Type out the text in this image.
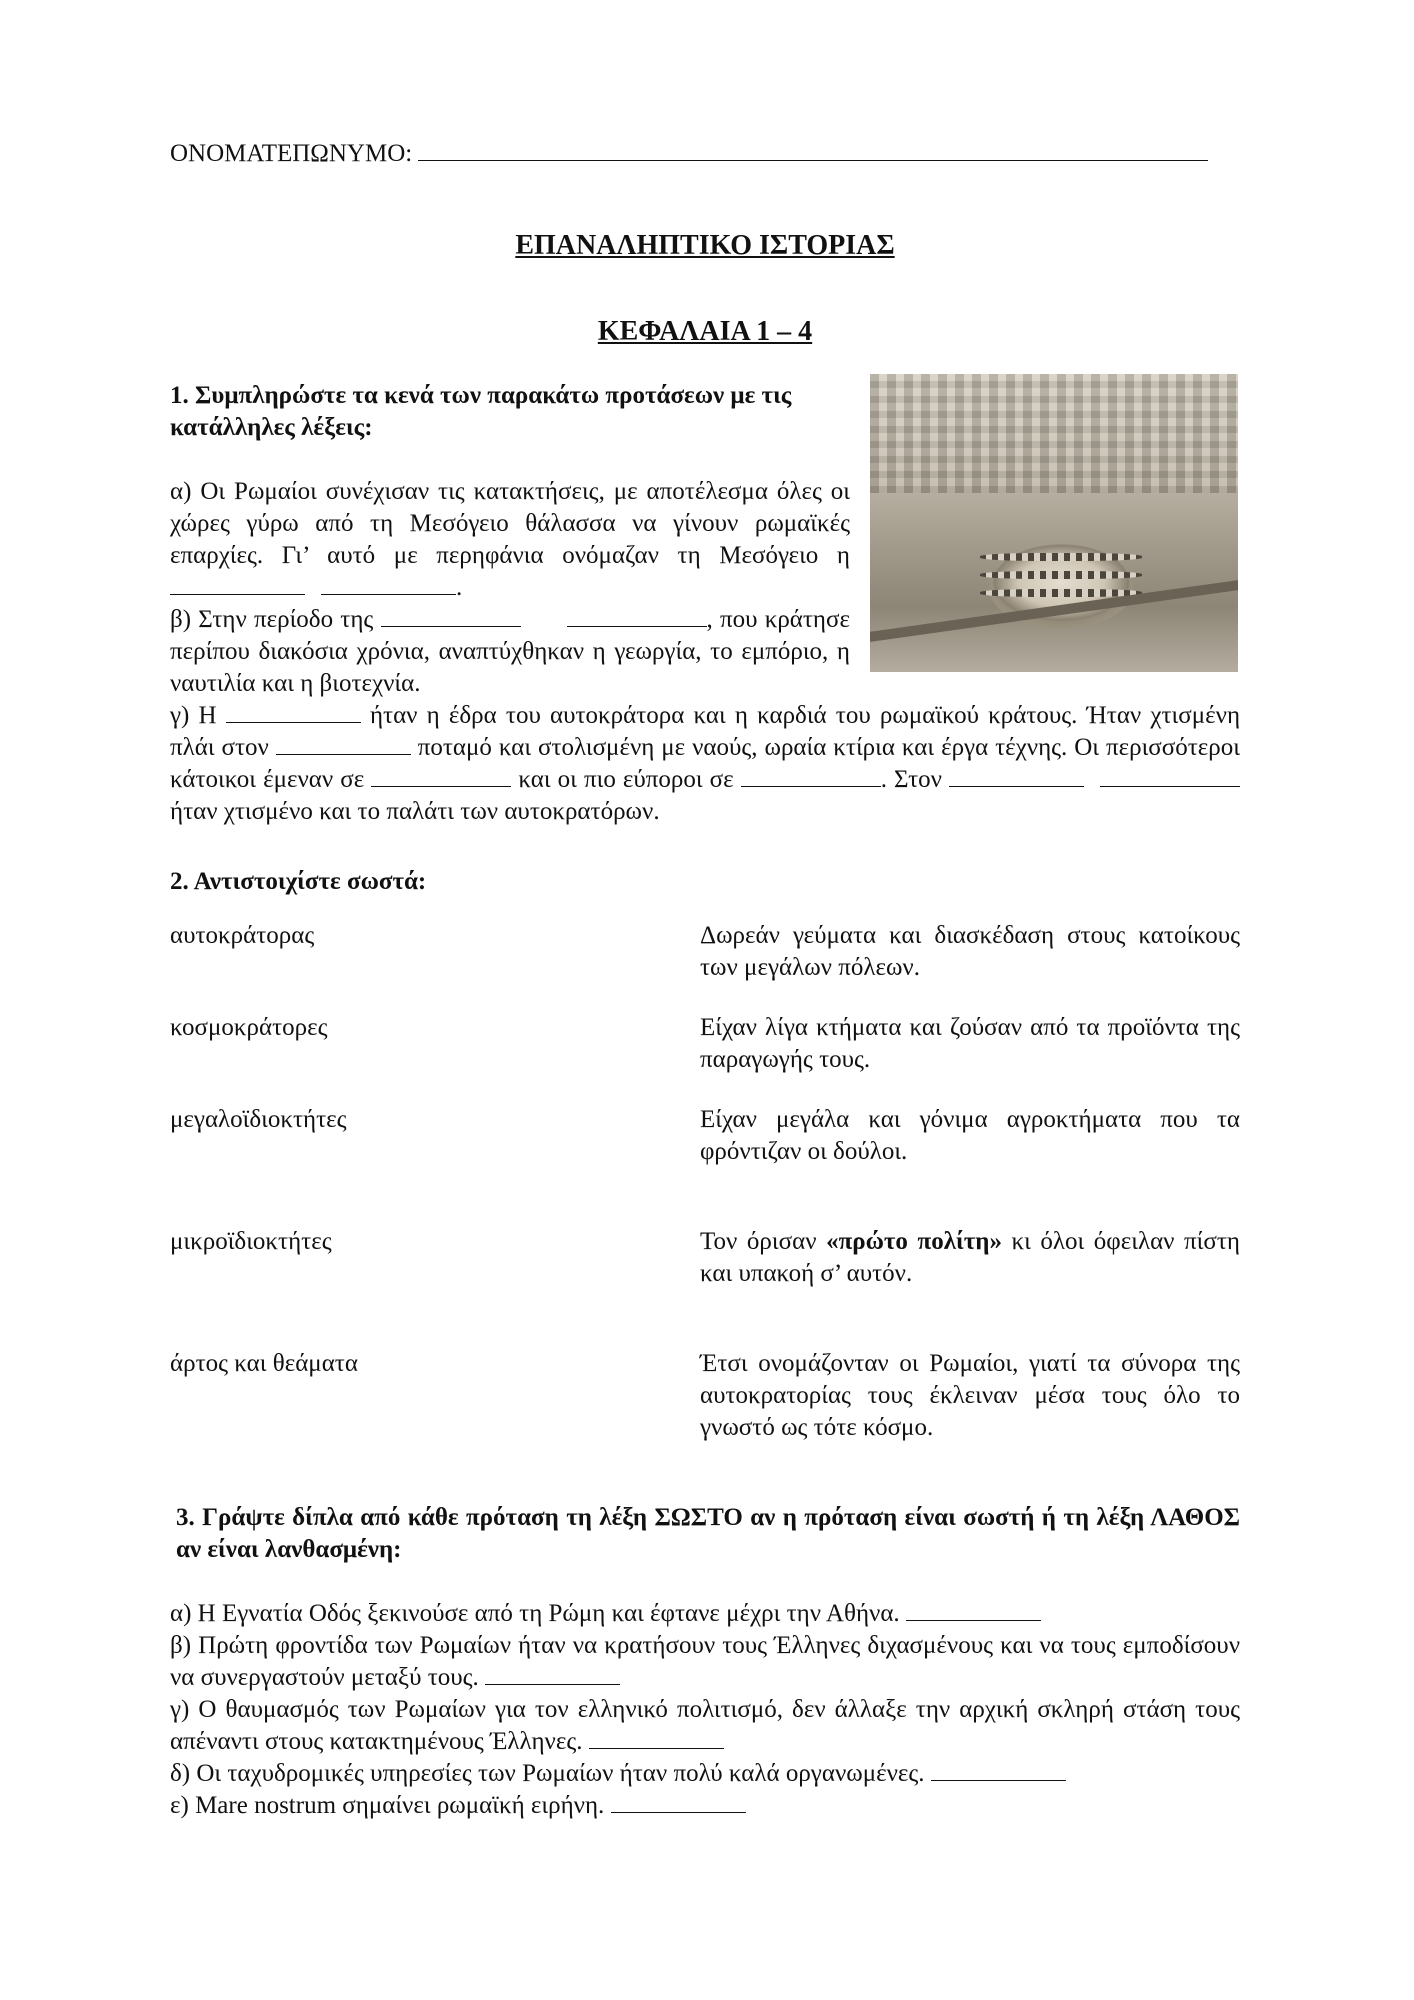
ΟΝΟΜΑΤΕΠΩΝΥΜΟ:
ΕΠΑΝΑΛΗΠΤΙΚΟ ΙΣΤΟΡΙΑΣ
ΚΕΦΑΛΑΙΑ 1 – 4
1. Συμπληρώστε τα κενά των παρακάτω προτάσεων με τις κατάλληλες λέξεις:
α) Οι Ρωμαίοι συνέχισαν τις κατακτήσεις, με αποτέλεσμα όλες οι χώρες γύρω από τη Μεσόγειο θάλασσα να γίνουν ρωμαϊκές επαρχίες. Γι’ αυτό με περηφάνια ονόμαζαν τη Μεσόγειο η .
β) Στην περίοδο της	, που κράτησε περίπου διακόσια χρόνια, αναπτύχθηκαν η γεωργία, το εμπόριο, η ναυτιλία και η βιοτεχνία.
γ) Η	ήταν η έδρα του αυτοκράτορα και η καρδιά του ρωμαϊκού κράτους. Ήταν χτισμένη πλάι στον	ποταμό και στολισμένη με ναούς, ωραία κτίρια και έργα τέχνης. Οι περισσότεροι κάτοικοι έμεναν σε	και οι πιο εύποροι σε	. Στον  ήταν χτισμένο και το παλάτι των αυτοκρατόρων.
2. Αντιστοιχίστε σωστά:
αυτοκράτορας	Δωρεάν γεύματα και διασκέδαση στους κατοίκους των μεγάλων πόλεων.
κοσμοκράτορες	Είχαν λίγα κτήματα και ζούσαν από τα προϊόντα της παραγωγής τους.
μεγαλοϊδιοκτήτες	Είχαν μεγάλα και γόνιμα αγροκτήματα που τα φρόντιζαν οι δούλοι.
μικροϊδιοκτήτες	Τον όρισαν «πρώτο πολίτη» κι όλοι όφειλαν πίστη και υπακοή σ’ αυτόν.
άρτος και θεάματα	Έτσι ονομάζονταν οι Ρωμαίοι, γιατί τα σύνορα της αυτοκρατορίας τους έκλειναν μέσα τους όλο το γνωστό ως τότε κόσμο.
3. Γράψτε δίπλα από κάθε πρόταση τη λέξη ΣΩΣΤΟ αν η πρόταση είναι σωστή ή τη λέξη ΛΑΘΟΣ αν είναι λανθασμένη:
α) Η Εγνατία Οδός ξεκινούσε από τη Ρώμη και έφτανε μέχρι την Αθήνα.
β) Πρώτη φροντίδα των Ρωμαίων ήταν να κρατήσουν τους Έλληνες διχασμένους και να τους εμποδίσουν να συνεργαστούν μεταξύ τους.
γ) Ο θαυμασμός των Ρωμαίων για τον ελληνικό πολιτισμό, δεν άλλαξε την αρχική σκληρή στάση τους απέναντι στους κατακτημένους Έλληνες.
δ) Οι ταχυδρομικές υπηρεσίες των Ρωμαίων ήταν πολύ καλά οργανωμένες.
ε) Mare nostrum σημαίνει ρωμαϊκή ειρήνη.
